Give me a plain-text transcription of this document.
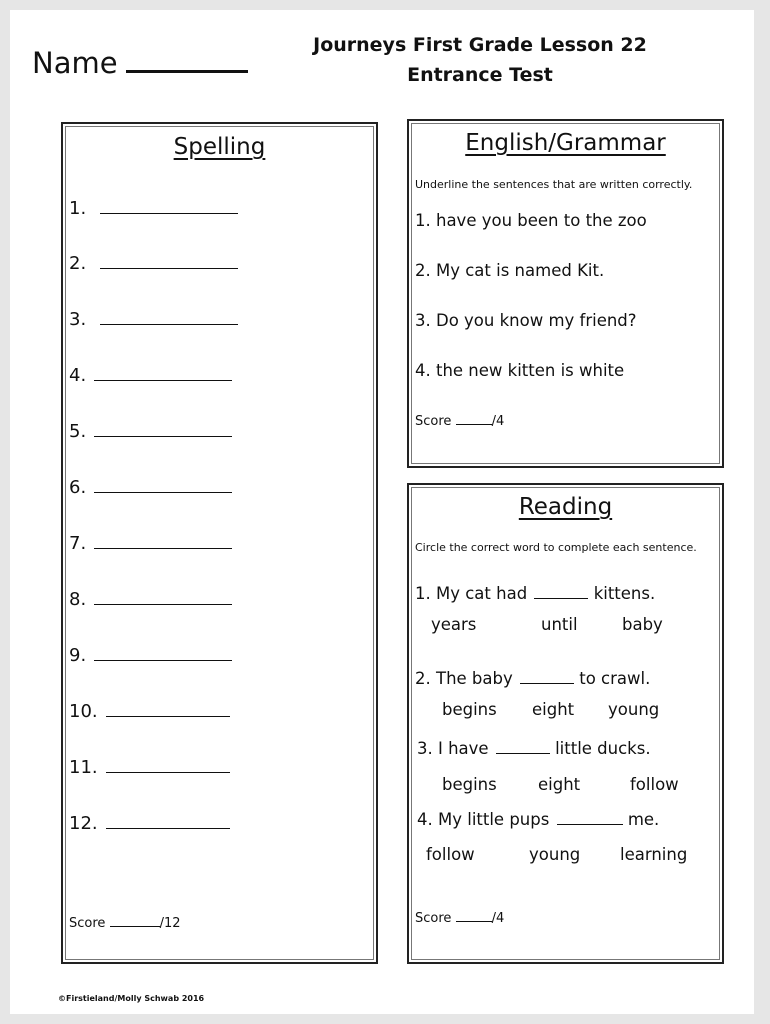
Name
Journeys First Grade Lesson 22
Entrance Test
Spelling
1.
2.
3.
4.
5.
6.
7.
8.
9.
10.
11.
12.
Score	/12
English/Grammar
Underline the sentences that are written correctly.
1. have you been to the zoo
2. My cat is named Kit.
3. Do you know my friend?
4. the new kitten is white
Score	/4
Reading
Circle the correct word to complete each sentence.
1. My cat had	kittens.
years	until	baby
2. The baby	to crawl.
begins eight young
3. I have	little ducks.
begins	eight	follow
4. My little pups	me.
follow	young learning
Score	/4
©Firstieland/Molly Schwab 2016
